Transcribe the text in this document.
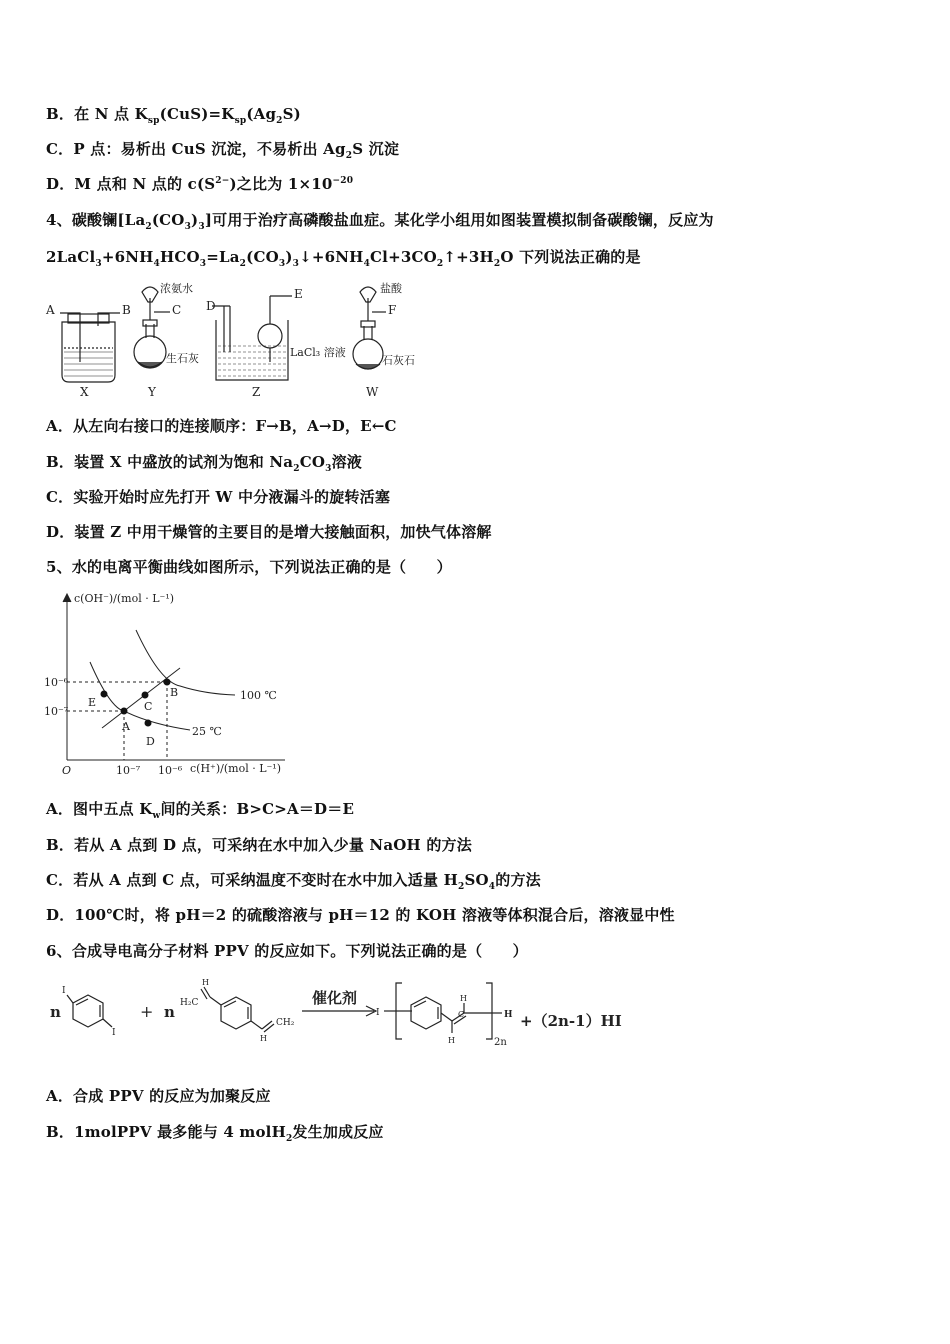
B．在 N 点 $K_{sp}(CuS)=K_{sp}(Ag_2S)$
C．P 点：易析出 CuS 沉淀，不易析出 $Ag_2S$ 沉淀
D．M 点和 N 点的 $c(S^{2-})$之比为 $1\times 10^{-20}$
4、碳酸镧$[La_2(CO_3)_3]$可用于治疗高磷酸盐血症。某化学小组用如图装置模拟制备碳酸镧，反应为
$2LaCl_3+6NH_4HCO_3=La_2(CO_3)_3↓+6NH_4Cl+3CO_2↑+3H_2O$ 下列说法正确的是
A	B	C D
E
F
浓氨水
生石灰	LaCl₃ 溶液
盐酸
石灰石
X	Y	Z	W
A．从左向右接口的连接顺序：F→B，A→D，E←C
B．装置 X 中盛放的试剂为饱和 $Na_2CO_3$溶液
C．实验开始时应先打开 W 中分液漏斗的旋转活塞
D．装置 Z 中用干燥管的主要目的是增大接触面积，加快气体溶解
5、水的电离平衡曲线如图所示，下列说法正确的是（　　）
c(OH⁻)/(mol · L⁻¹)
c(H⁺)/(mol · L⁻¹)
O	10⁻⁷ 10⁻⁶
10⁻⁶
10⁻⁷
100 ℃
25 ℃
A
B
C
D
E
A．图中五点 $K_w$间的关系：B>C>A＝D＝E
B．若从 A 点到 D 点，可采纳在水中加入少量 NaOH 的方法
C．若从 A 点到 C 点，可采纳温度不变时在水中加入适量 $H_2SO_4$的方法
D．100℃时，将 pH＝2 的硫酸溶液与 pH＝12 的 KOH 溶液等体积混合后，溶液显中性
6、合成导电高分子材料 PPV 的反应如下。下列说法正确的是（　　）
n
I
I
+ n H₂C
H
CH₂
H
催化剂
I
H
H
C	H
2n
+（2n-1）HI
A．合成 PPV 的反应为加聚反应
B．1molPPV 最多能与 4 molH$_2$发生加成反应
